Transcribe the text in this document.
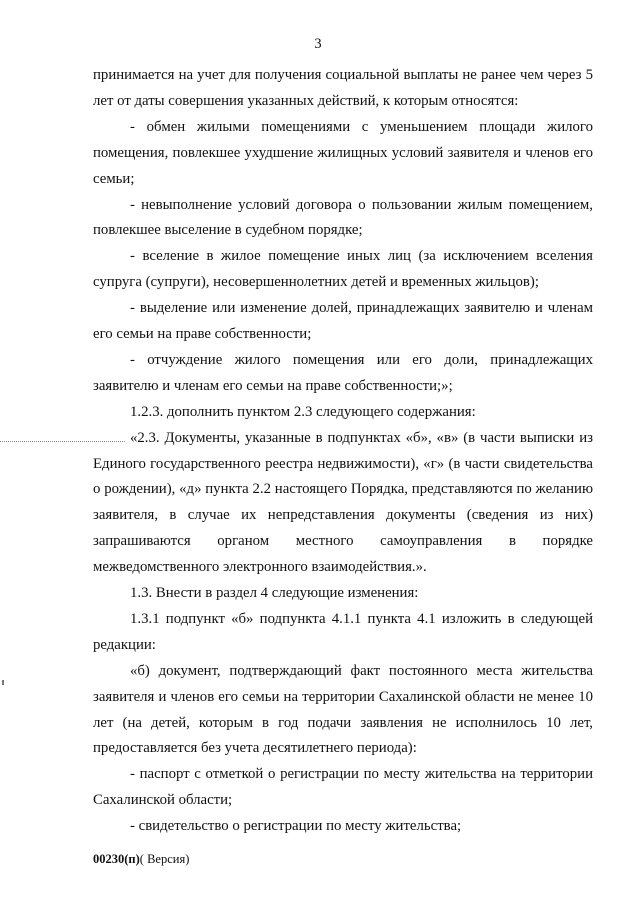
3
принимается на учет для получения социальной выплаты не ранее чем через 5
лет от даты совершения указанных действий, к которым относятся:
- обмен жилыми помещениями с уменьшением площади жилого
помещения, повлекшее ухудшение жилищных условий заявителя и членов его
семьи;
- невыполнение условий договора о пользовании жилым помещением,
повлекшее выселение в судебном порядке;
- вселение в жилое помещение иных лиц (за исключением вселения
супруга (супруги), несовершеннолетних детей и временных жильцов);
- выделение или изменение долей, принадлежащих заявителю и членам
его семьи на праве собственности;
- отчуждение жилого помещения или его доли, принадлежащих
заявителю и членам его семьи на праве собственности;»;
1.2.3. дополнить пунктом 2.3 следующего содержания:
«2.3. Документы, указанные в подпунктах «б», «в» (в части выписки из
Единого государственного реестра недвижимости), «г» (в части свидетельства
о рождении), «д» пункта 2.2 настоящего Порядка, представляются по желанию
заявителя, в случае их непредставления документы (сведения из них)
запрашиваются органом местного самоуправления в порядке
межведомственного электронного взаимодействия.».
1.3. Внести в раздел 4 следующие изменения:
1.3.1 подпункт «б» подпункта 4.1.1 пункта 4.1 изложить в следующей
редакции:
«б) документ, подтверждающий факт постоянного места жительства
заявителя и членов его семьи на территории Сахалинской области не менее 10
лет (на детей, которым в год подачи заявления не исполнилось 10 лет,
предоставляется без учета десятилетнего периода):
- паспорт с отметкой о регистрации по месту жительства на территории
Сахалинской области;
- свидетельство о регистрации по месту жительства;
00230(п)( Версия)
